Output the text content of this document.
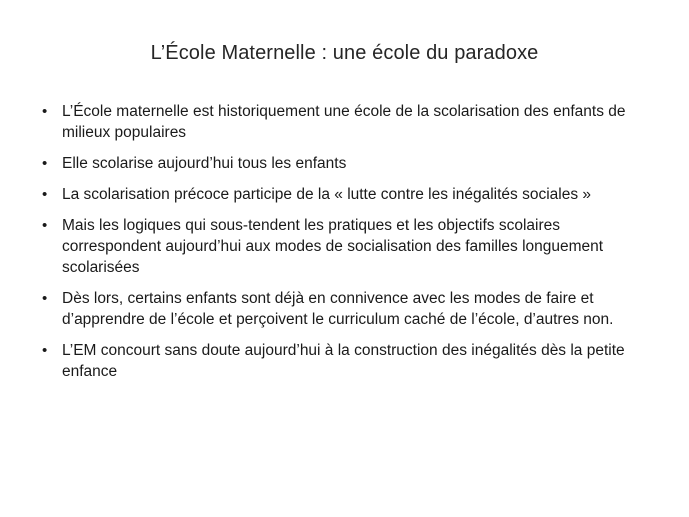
L’École Maternelle : une école du paradoxe
• L’École maternelle est historiquement une école de la scolarisation des enfants de milieux populaires
• Elle scolarise aujourd’hui tous les enfants
• La scolarisation précoce participe de la « lutte contre les inégalités sociales »
• Mais les logiques qui sous-tendent les pratiques et les objectifs scolaires correspondent aujourd’hui aux modes de socialisation des familles longuement scolarisées
• Dès lors, certains enfants sont déjà en connivence avec les modes de faire et d’apprendre de l’école et perçoivent le curriculum caché de l’école, d’autres non.
• L’EM concourt sans doute aujourd’hui à la construction des inégalités dès la petite enfance
